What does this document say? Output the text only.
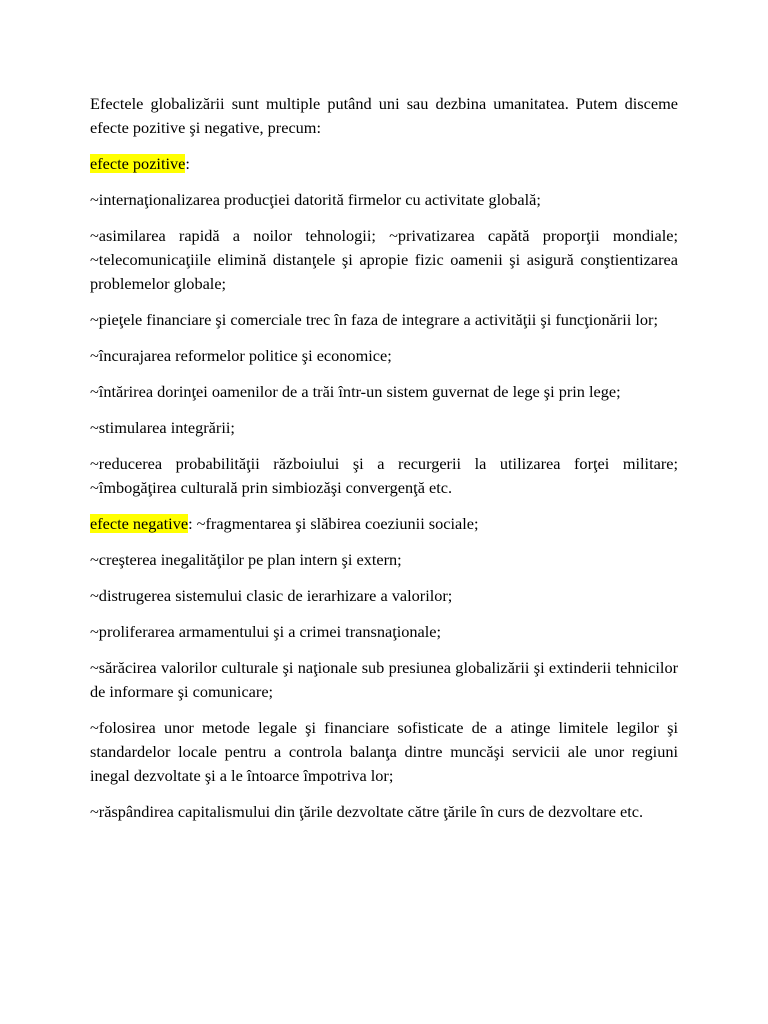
Efectele globalizării sunt multiple putând uni sau dezbina umanitatea. Putem disceme efecte pozitive şi negative, precum:

efecte pozitive:

~internaţionalizarea producţiei datorită firmelor cu activitate globală;

~asimilarea rapidă a noilor tehnologii; ~privatizarea capătă proporţii mondiale; ~telecomunicaţiile elimină distanţele şi apropie fizic oamenii şi asigură conştientizarea problemelor globale;

~pieţele financiare şi comerciale trec în faza de integrare a activităţii şi funcţionării lor;

~încurajarea reformelor politice şi economice;

~întărirea dorinţei oamenilor de a trăi într-un sistem guvernat de lege şi prin lege;

~stimularea integrării;

~reducerea probabilităţii războiului şi a recurgerii la utilizarea forţei militare; ~îmbogăţirea culturală prin simbiozăşi convergenţă etc.

efecte negative: ~fragmentarea şi slăbirea coeziunii sociale;

~creşterea inegalităţilor pe plan intern şi extern;

~distrugerea sistemului clasic de ierarhizare a valorilor;

~proliferarea armamentului şi a crimei transnaţionale;

~sărăcirea valorilor culturale şi naţionale sub presiunea globalizării şi extinderii tehnicilor de informare şi comunicare;

~folosirea unor metode legale şi financiare sofisticate de a atinge limitele legilor şi standardelor locale pentru a controla balanţa dintre muncăşi servicii ale unor regiuni inegal dezvoltate şi a le întoarce împotriva lor;

~răspândirea capitalismului din ţările dezvoltate către ţările în curs de dezvoltare etc.
